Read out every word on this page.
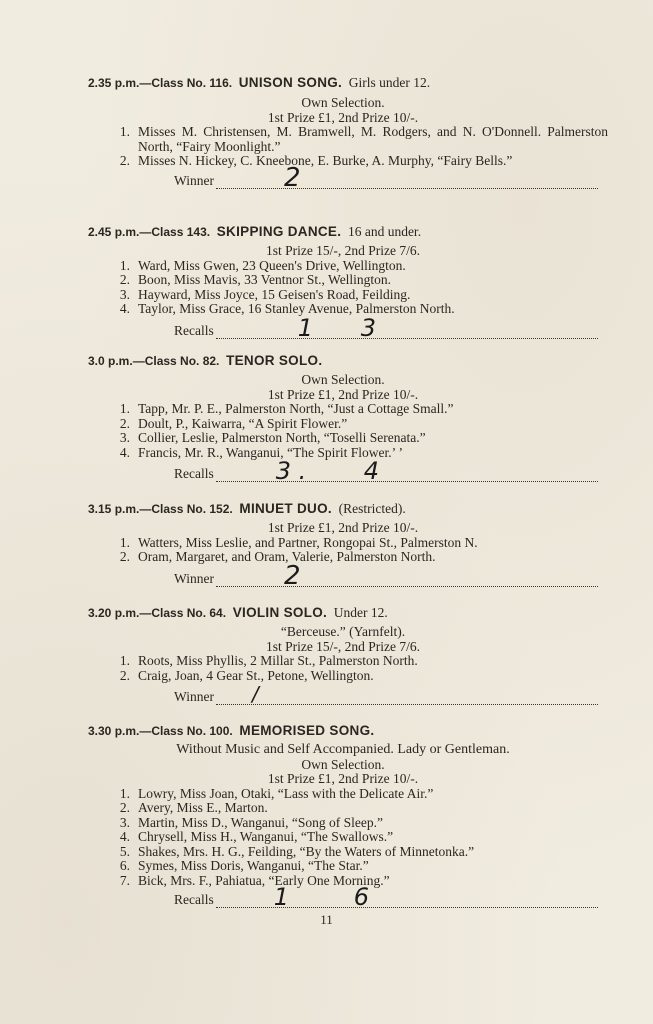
2.35 p.m.—Class No. 116. UNISON SONG. Girls under 12.
Own Selection.
1st Prize £1, 2nd Prize 10/-.
1. Misses M. Christensen, M. Bramwell, M. Rodgers, and N. O'Donnell. Palmerston North, “Fairy Moonlight.”
2. Misses N. Hickey, C. Kneebone, E. Burke, A. Murphy, “Fairy Bells.”
Winner	2
2.45 p.m.—Class 143. SKIPPING DANCE. 16 and under.
1st Prize 15/-, 2nd Prize 7/6.
1. Ward, Miss Gwen, 23 Queen's Drive, Wellington.
2. Boon, Miss Mavis, 33 Ventnor St., Wellington.
3. Hayward, Miss Joyce, 15 Geisen's Road, Feilding.
4. Taylor, Miss Grace, 16 Stanley Avenue, Palmerston North.
Recalls	1 3
3.0 p.m.—Class No. 82. TENOR SOLO.
Own Selection.
1st Prize £1, 2nd Prize 10/-.
1. Tapp, Mr. P. E., Palmerston North, “Just a Cottage Small.”
2. Doult, P., Kaiwarra, “A Spirit Flower.”
3. Collier, Leslie, Palmerston North, “Toselli Serenata.”
4. Francis, Mr. R., Wanganui, “The Spirit Flower.’ ’
Recalls	3 . 4
3.15 p.m.—Class No. 152. MINUET DUO. (Restricted).
1st Prize £1, 2nd Prize 10/-.
1. Watters, Miss Leslie, and Partner, Rongopai St., Palmerston N.
2. Oram, Margaret, and Oram, Valerie, Palmerston North.
Winner	2
3.20 p.m.—Class No. 64. VIOLIN SOLO. Under 12.
“Berceuse.” (Yarnfelt).
1st Prize 15/-, 2nd Prize 7/6.
1. Roots, Miss Phyllis, 2 Millar St., Palmerston North.
2. Craig, Joan, 4 Gear St., Petone, Wellington.
Winner /
3.30 p.m.—Class No. 100. MEMORISED SONG.
Without Music and Self Accompanied. Lady or Gentleman.
Own Selection.
1st Prize £1, 2nd Prize 10/-.
1. Lowry, Miss Joan, Otaki, “Lass with the Delicate Air.”
2. Avery, Miss E., Marton.
3. Martin, Miss D., Wanganui, “Song of Sleep.”
4. Chrysell, Miss H., Wanganui, “The Swallows.”
5. Shakes, Mrs. H. G., Feilding, “By the Waters of Minnetonka.”
6. Symes, Miss Doris, Wanganui, “The Star.”
7. Bick, Mrs. F., Pahiatua, “Early One Morning.”
Recalls	1	6
11
